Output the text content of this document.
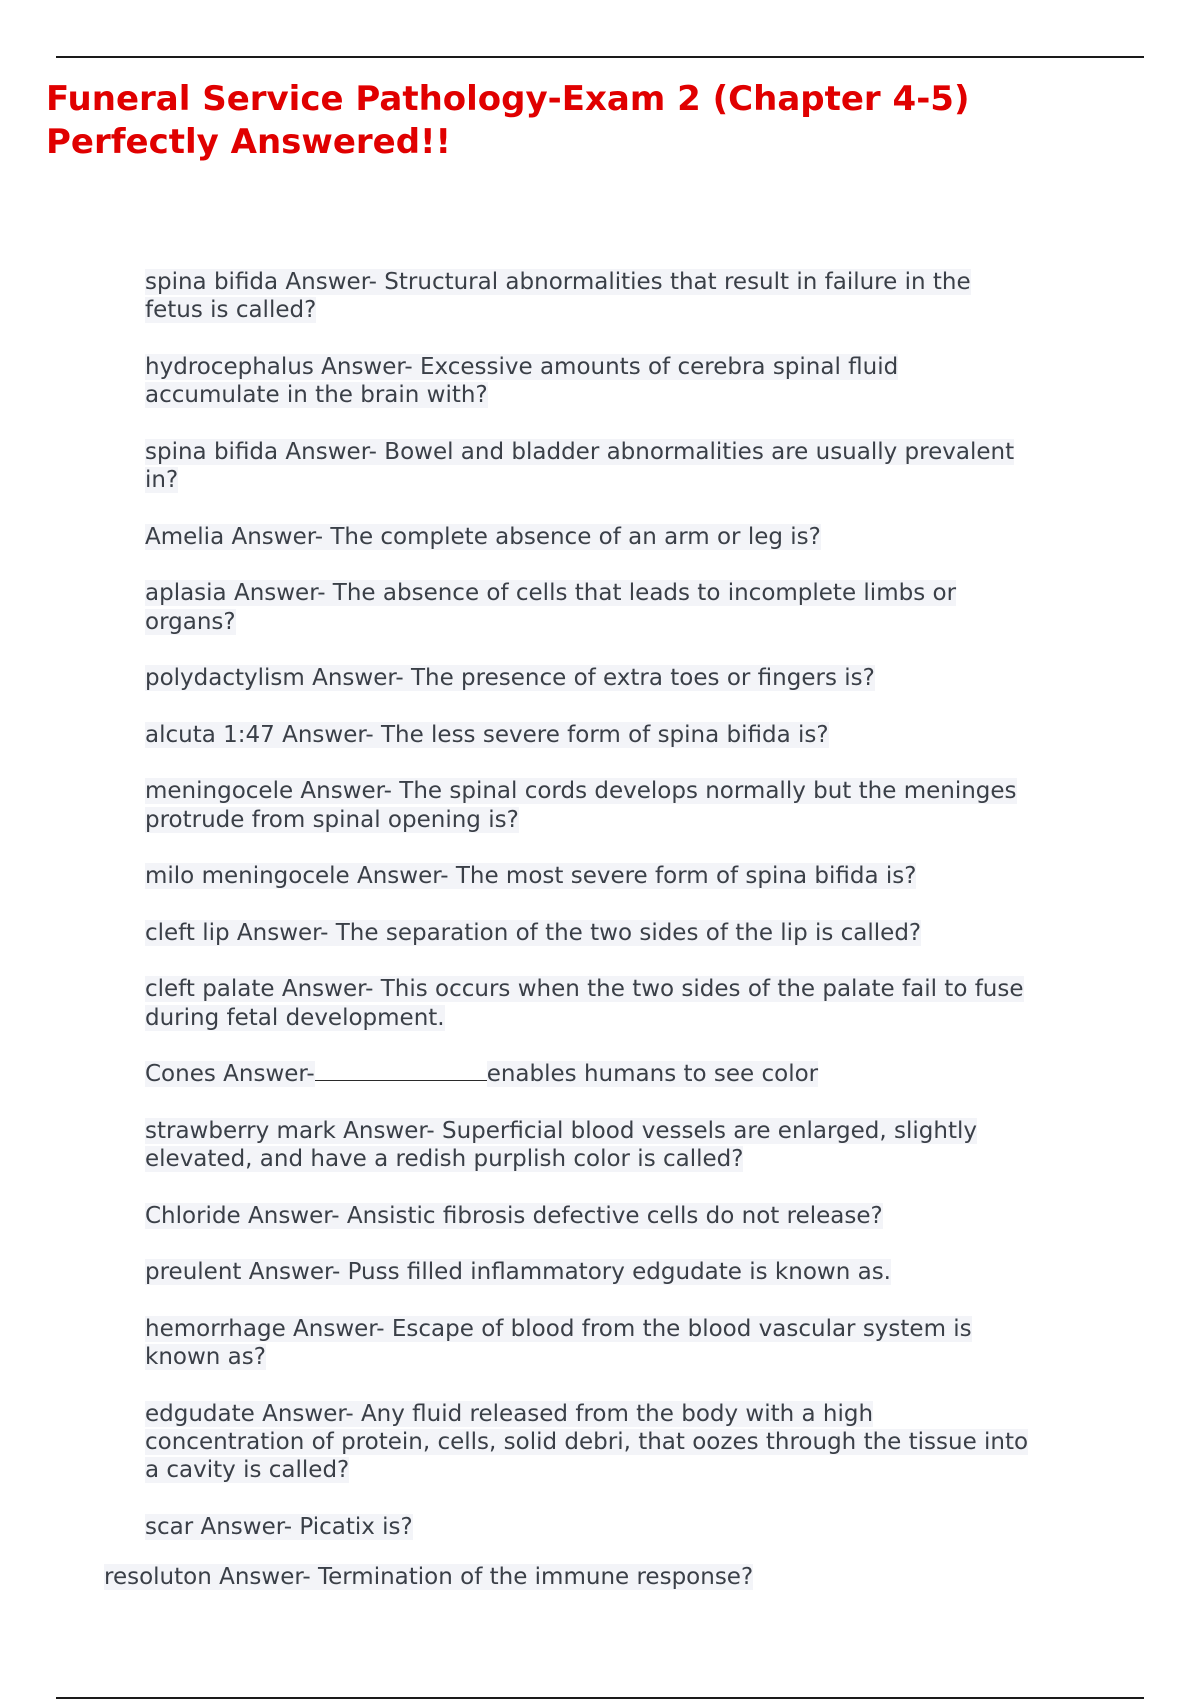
Funeral Service Pathology-Exam 2 (Chapter 4-5) Perfectly Answered!!
spina bifida Answer- Structural abnormalities that result in failure in the fetus is called?
hydrocephalus Answer- Excessive amounts of cerebra spinal fluid accumulate in the brain with?
spina bifida Answer- Bowel and bladder abnormalities are usually prevalent in?
Amelia Answer- The complete absence of an arm or leg is?
aplasia Answer- The absence of cells that leads to incomplete limbs or organs?
polydactylism Answer- The presence of extra toes or fingers is?
alcuta 1:47 Answer- The less severe form of spina bifida is?
meningocele Answer- The spinal cords develops normally but the meninges protrude from spinal opening is?
milo meningocele Answer- The most severe form of spina bifida is?
cleft lip Answer- The separation of the two sides of the lip is called?
cleft palate Answer- This occurs when the two sides of the palate fail to fuse during fetal development.
Cones Answer-	enables humans to see color
strawberry mark Answer- Superficial blood vessels are enlarged, slightly elevated, and have a redish purplish color is called?
Chloride Answer- Ansistic fibrosis defective cells do not release?
preulent Answer- Puss filled inflammatory edgudate is known as.
hemorrhage Answer- Escape of blood from the blood vascular system is known as?
edgudate Answer- Any fluid released from the body with a high concentration of protein, cells, solid debri, that oozes through the tissue into a cavity is called?
scar Answer- Picatix is?

resoluton Answer- Termination of the immune response?
